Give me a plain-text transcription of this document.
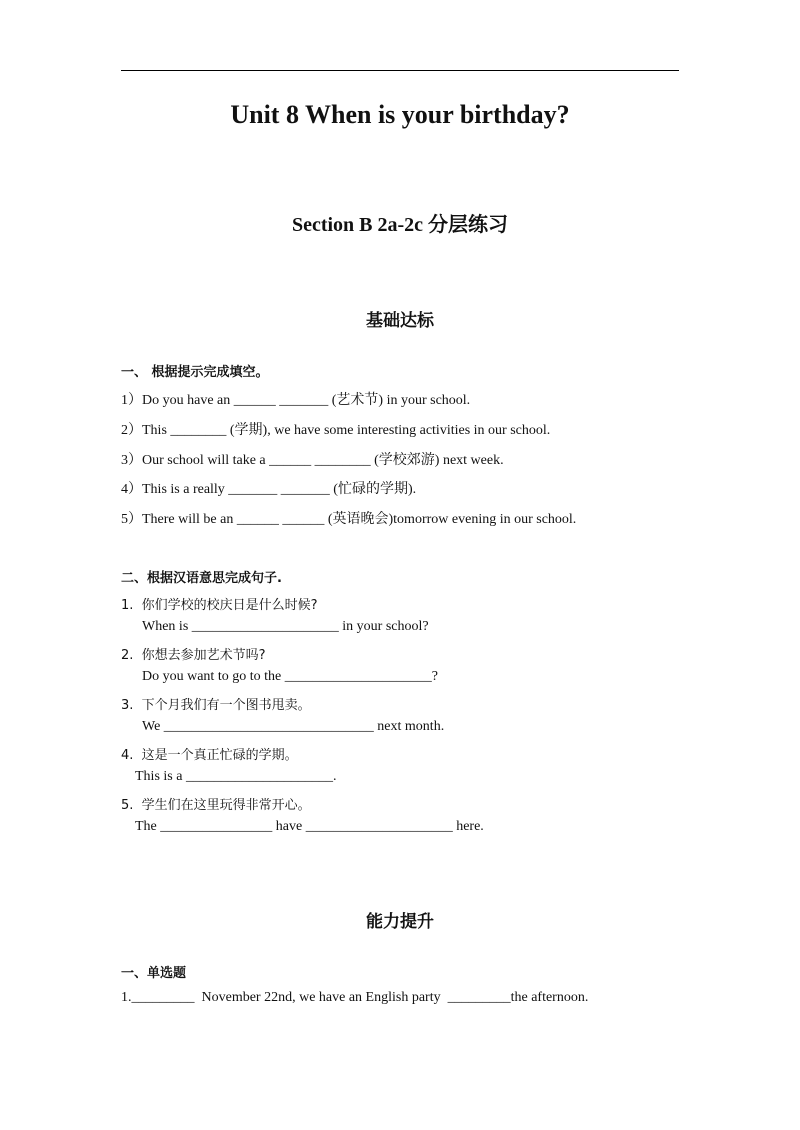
Unit 8 When is your birthday?
Section B 2a-2c 分层练习
基础达标
一、 根据提示完成填空。
1）Do you have an ______ _______ (艺术节) in your school.
2）This ________ (学期), we have some interesting activities in our school.
3）Our school will take a ______ ________ (学校郊游) next week.
4）This is a really _______ _______ (忙碌的学期).
5）There will be an ______ ______ (英语晚会)tomorrow evening in our school.
二、根据汉语意思完成句子.
1.  你们学校的校庆日是什么时候?
When is _____________________ in your school?
2.  你想去参加艺术节吗?
Do you want to go to the _____________________?
3.  下个月我们有一个图书甩卖。
We ______________________________ next month.
4.  这是一个真正忙碌的学期。
This is a _____________________.
5.  学生们在这里玩得非常开心。
The ________________ have _____________________ here.
能力提升
一、单选题
1._________  November 22nd, we have an English party  _________the afternoon.
